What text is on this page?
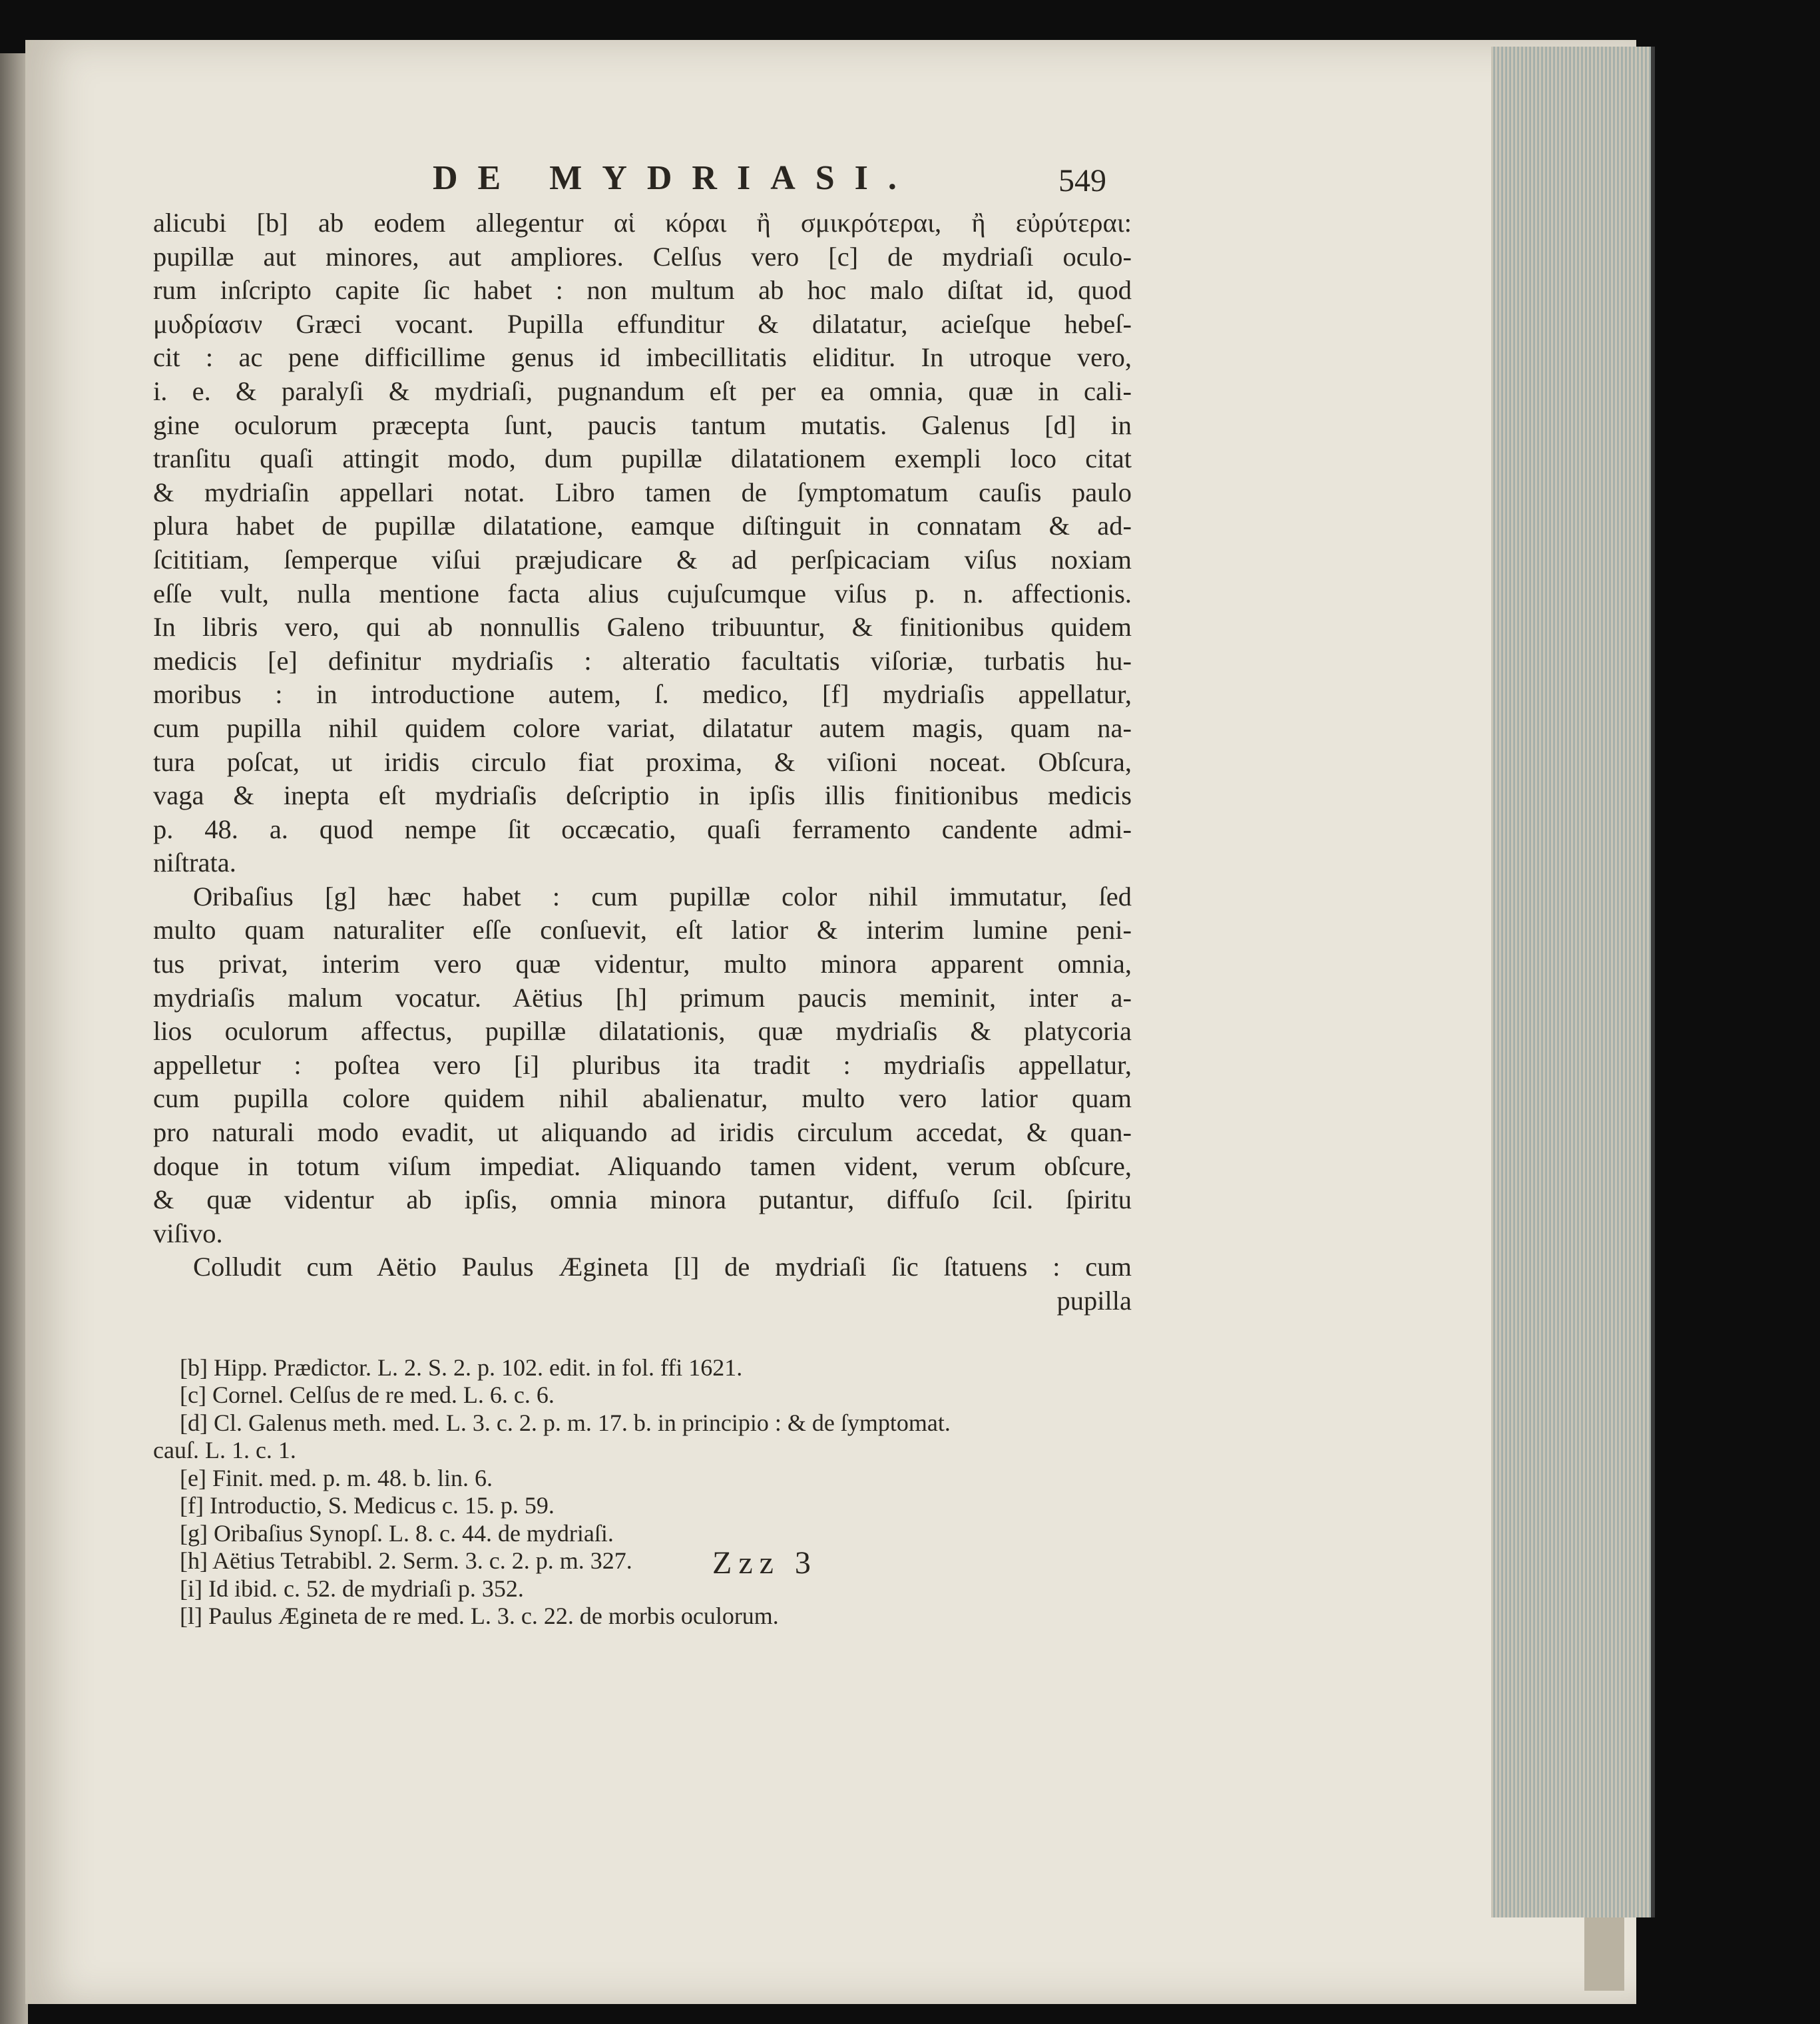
DE MYDRIASI.	549
alicubi [b] ab eodem allegentur αἱ κόραι ἢ σμικρότεραι, ἢ εὐρύτεραι:
pupillæ aut minores, aut ampliores. Celſus vero [c] de mydriaſi oculo-
rum inſcripto capite ſic habet : non multum ab hoc malo diſtat id, quod
μυδρίασιν Græci vocant. Pupilla effunditur & dilatatur, acieſque hebeſ-
cit : ac pene difficillime genus id imbecillitatis eliditur. In utroque vero,
i. e. & paralyſi & mydriaſi, pugnandum eſt per ea omnia, quæ in cali-
gine oculorum præcepta ſunt, paucis tantum mutatis. Galenus [d] in
tranſitu quaſi attingit modo, dum pupillæ dilatationem exempli loco citat
& mydriaſin appellari notat. Libro tamen de ſymptomatum cauſis paulo
plura habet de pupillæ dilatatione, eamque diſtinguit in connatam & ad-
ſcititiam, ſemperque viſui præjudicare & ad perſpicaciam viſus noxiam
eſſe vult, nulla mentione facta alius cujuſcumque viſus p. n. affectionis.
In libris vero, qui ab nonnullis Galeno tribuuntur, & finitionibus quidem
medicis [e] definitur mydriaſis : alteratio facultatis viſoriæ, turbatis hu-
moribus : in introductione autem, ſ. medico, [f] mydriaſis appellatur,
cum pupilla nihil quidem colore variat, dilatatur autem magis, quam na-
tura poſcat, ut iridis circulo fiat proxima, & viſioni noceat. Obſcura,
vaga & inepta eſt mydriaſis deſcriptio in ipſis illis finitionibus medicis
p. 48. a. quod nempe ſit occæcatio, quaſi ferramento candente admi-
niſtrata.
Oribaſius [g] hæc habet : cum pupillæ color nihil immutatur, ſed
multo quam naturaliter eſſe conſuevit, eſt latior & interim lumine peni-
tus privat, interim vero quæ videntur, multo minora apparent omnia,
mydriaſis malum vocatur. Aëtius [h] primum paucis meminit, inter a-
lios oculorum affectus, pupillæ dilatationis, quæ mydriaſis & platycoria
appelletur : poſtea vero [i] pluribus ita tradit : mydriaſis appellatur,
cum pupilla colore quidem nihil abalienatur, multo vero latior quam
pro naturali modo evadit, ut aliquando ad iridis circulum accedat, & quan-
doque in totum viſum impediat. Aliquando tamen vident, verum obſcure,
& quæ videntur ab ipſis, omnia minora putantur, diffuſo ſcil. ſpiritu
viſivo.
Colludit cum Aëtio Paulus Ægineta [l] de mydriaſi ſic ſtatuens : cum
pupilla
[b] Hipp. Prædictor. L. 2. S. 2. p. 102. edit. in fol. ffi 1621.
[c] Cornel. Celſus de re med. L. 6. c. 6.
[d] Cl. Galenus meth. med. L. 3. c. 2. p. m. 17. b. in principio : & de ſymptomat.
cauſ. L. 1. c. 1.
[e] Finit. med. p. m. 48. b. lin. 6.
[f] Introductio, S. Medicus c. 15. p. 59.
[g] Oribaſius Synopſ. L. 8. c. 44. de mydriaſi.
[h] Aëtius Tetrabibl. 2. Serm. 3. c. 2. p. m. 327.
[i] Id ibid. c. 52. de mydriaſi p. 352.
[l] Paulus Ægineta de re med. L. 3. c. 22. de morbis oculorum.
Zzz 3
